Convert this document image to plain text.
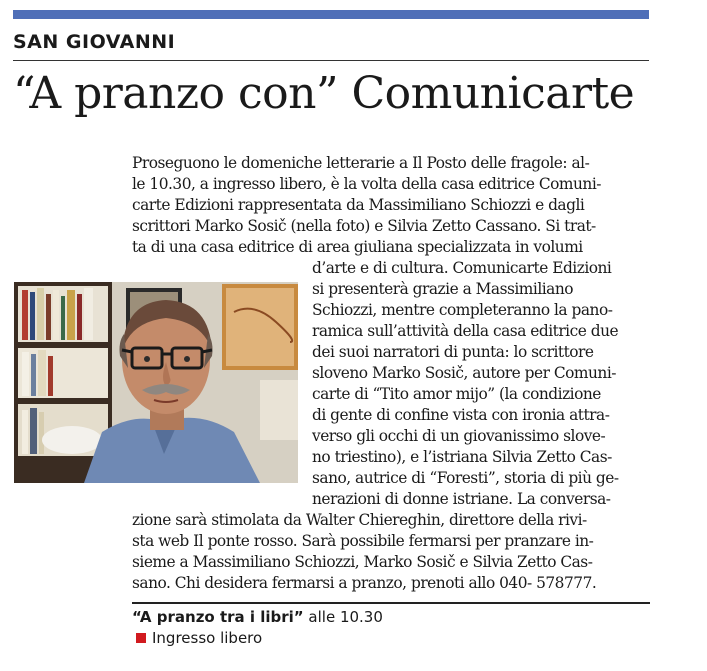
SAN GIOVANNI
“A pranzo con” Comunicarte
Proseguono le domeniche letterarie a Il Posto delle fragole: al-
le 10.30, a ingresso libero, è la volta della casa editrice Comuni-
carte Edizioni rappresentata da Massimiliano Schiozzi e dagli
scrittori Marko Sosič (nella foto) e Silvia Zetto Cassano. Si trat-
ta di una casa editrice di area giuliana specializzata in volumi
d’arte e di cultura. Comunicarte Edizioni
si presenterà grazie a Massimiliano
Schiozzi, mentre completeranno la pano-
ramica sull’attività della casa editrice due
dei suoi narratori di punta: lo scrittore
sloveno Marko Sosič, autore per Comuni-
carte di “Tito amor mijo” (la condizione
di gente di confine vista con ironia attra-
verso gli occhi di un giovanissimo slove-
no triestino), e l’istriana Silvia Zetto Cas-
sano, autrice di “Foresti”, storia di più ge-
nerazioni di donne istriane. La conversa-
zione sarà stimolata da Walter Chiereghin, direttore della rivi-
sta web Il ponte rosso. Sarà possibile fermarsi per pranzare in-
sieme a Massimiliano Schiozzi, Marko Sosič e Silvia Zetto Cas-
sano. Chi desidera fermarsi a pranzo, prenoti allo 040- 578777.
“A pranzo tra i libri” alle 10.30
Ingresso libero
